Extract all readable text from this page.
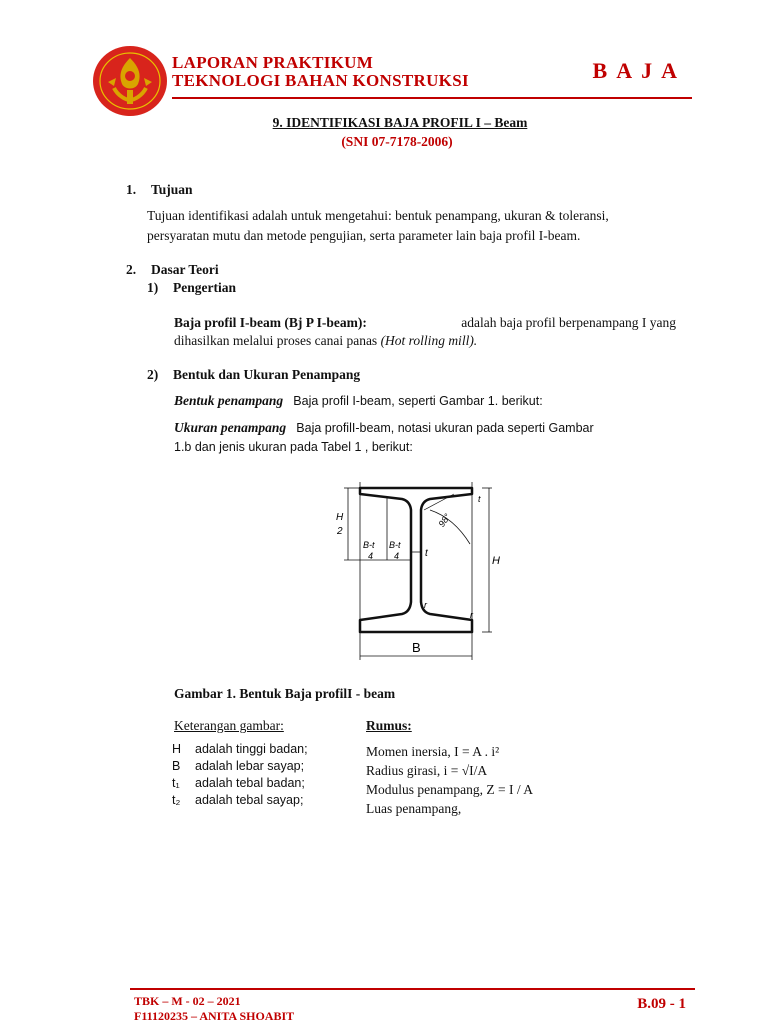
LAPORAN PRAKTIKUM
TEKNOLOGI BAHAN KONSTRUKSI	BAJA
9. IDENTIFIKASI BAJA PROFIL I – Beam
(SNI 07-7178-2006)
1. Tujuan
Tujuan identifikasi adalah untuk mengetahui: bentuk penampang, ukuran & toleransi,
persyaratan mutu dan metode pengujian, serta parameter lain baja profil I-beam.
2. Dasar Teori
1) Pengertian
Baja profil I-beam (Bj P I-beam):	adalah baja profil berpenampang I yang
dihasilkan melalui proses canai panas (Hot rolling mill).
2) Bentuk dan Ukuran Penampang
Bentuk penampang Baja profil I-beam, seperti Gambar 1. berikut:
Ukuran penampang Baja profilI-beam, notasi ukuran pada seperti Gambar
1.b dan jenis ukuran pada Tabel 1 , berikut:
H
2
B-t
4
B-t
4	t
98°
r
r
t
H
B
Gambar 1. Bentuk Baja profilI - beam
Keterangan gambar:
H adalah tinggi badan;
B adalah lebar sayap;
t₁ adalah tebal badan;
t₂ adalah tebal sayap;
Rumus:
Momen inersia, I = A . i²
Radius girasi, i = √I/A
Modulus penampang, Z = I / A
Luas penampang,
TBK – M - 02 – 2021
F11120235 – ANITA SHOABIT
B.09 - 1
